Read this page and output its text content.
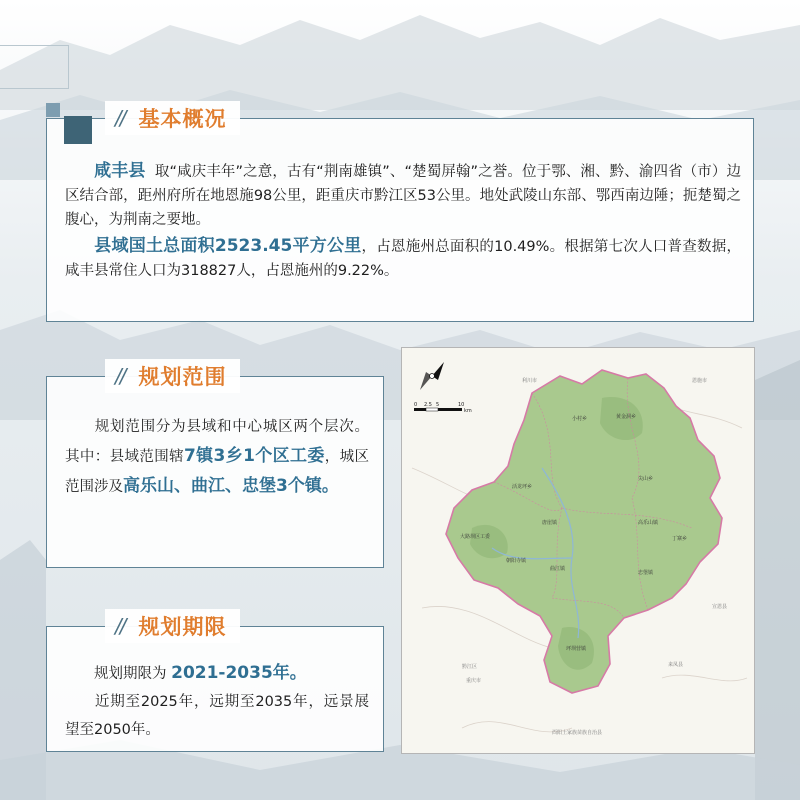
// 基本概况

咸丰县 取“咸庆丰年”之意，古有“荆南雄镇”、“楚蜀屏翰”之誉。位于鄂、湘、黔、渝四省（市）边区结合部，距州府所在地恩施98公里，距重庆市黔江区53公里。地处武陵山东部、鄂西南边陲；扼楚蜀之腹心，为荆南之要地。

县域国土总面积2523.45平方公里，占恩施州总面积的10.49%。根据第七次人口普查数据，咸丰县常住人口为318827人，占恩施州的9.22%。

// 规划范围

规划范围分为县域和中心城区两个层次。其中：县域范围辖7镇3乡1个区工委，城区范围涉及高乐山、曲江、忠堡3个镇。

// 规划期限

规划期限为 2021-2035年。

近期至2025年，远期至2035年，远景展望至2050年。

0 2.5 5	10
km
小村乡	黄金洞乡
活龙坪乡
尖山乡
高乐山镇
丁寨乡
唐崖镇
朝阳寺镇
曲江镇
大路坝区工委
坪坝营镇
忠堡镇
黔江区
重庆市
利川市	恩施市
宣恩县
来凤县
酉阳土家族苗族自治县
